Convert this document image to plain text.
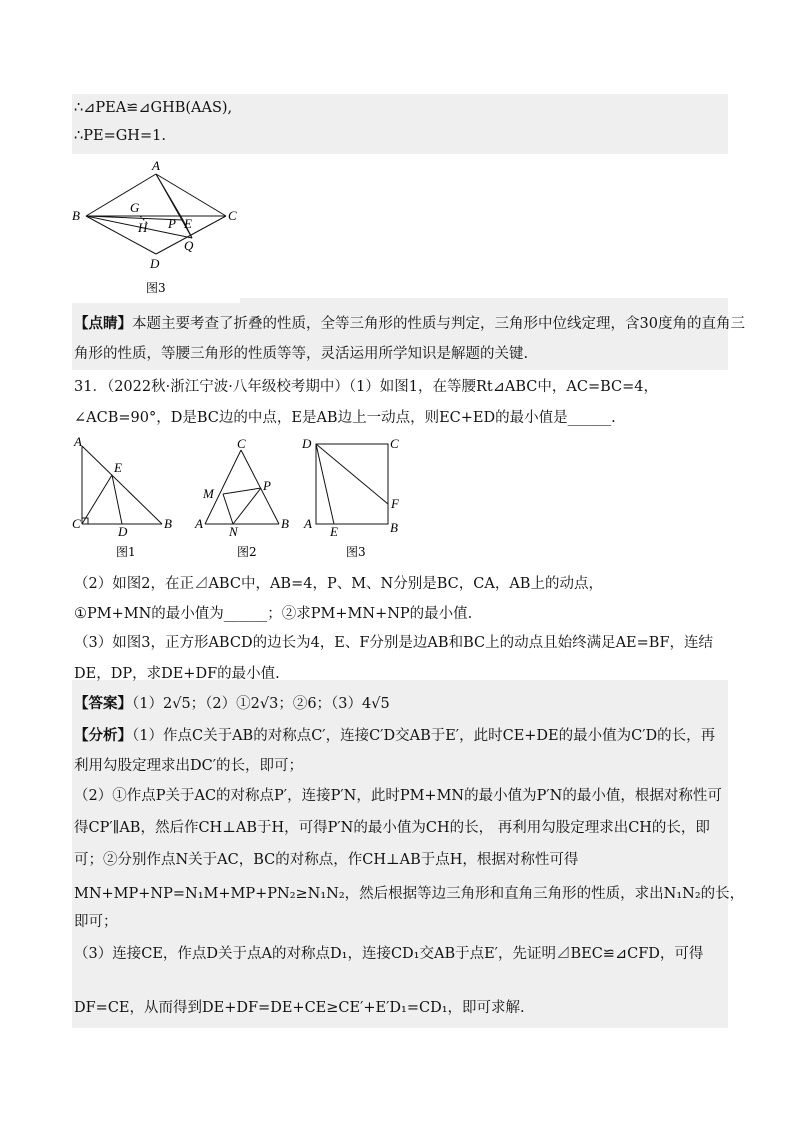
∴⊿PEA≌⊿GHB(AAS),
∴PE=GH=1.
A
B	C
D
G
H P E
Q
图3
【点睛】本题主要考查了折叠的性质，全等三角形的性质与判定，三角形中位线定理，含30度角的直角三
角形的性质，等腰三角形的性质等等，灵活运用所学知识是解题的关键.
31．（2022秋·浙江宁波·八年级校考期中）（1）如图1，在等腰Rt⊿ABC中，AC=BC=4，
∠ACB=90°，D是BC边的中点，E是AB边上一动点，则EC+ED的最小值是______.
A
E
C
D
B
图1
C
M
P
A
N
B
图2
D	C
F
A
E	B
图3
（2）如图2，在正⊿ABC中，AB=4，P、M、N分别是BC，CA，AB上的动点，
①PM+MN的最小值为______；②求PM+MN+NP的最小值.
（3）如图3，正方形ABCD的边长为4，E、F分别是边AB和BC上的动点且始终满足AE=BF，连结
DE，DP，求DE+DF的最小值.
【答案】（1）2√5；（2）①2√3；②6；（3）4√5
【分析】（1）作点C关于AB的对称点C′，连接C′D交AB于E′，此时CE+DE的最小值为C′D的长，再
利用勾股定理求出DC′的长，即可；
（2）①作点P关于AC的对称点P′，连接P′N，此时PM+MN的最小值为P′N的最小值，根据对称性可
得CP′∥AB，然后作CH⊥AB于H，可得P′N的最小值为CH的长， 再利用勾股定理求出CH的长，即
可；②分别作点N关于AC，BC的对称点，作CH⊥AB于点H，根据对称性可得
MN+MP+NP=N₁M+MP+PN₂≥N₁N₂，然后根据等边三角形和直角三角形的性质，求出N₁N₂的长，
即可；
（3）连接CE，作点D关于点A的对称点D₁，连接CD₁交AB于点E′，先证明⊿BEC≌⊿CFD，可得
DF=CE，从而得到DE+DF=DE+CE≥CE′+E′D₁=CD₁，即可求解.
